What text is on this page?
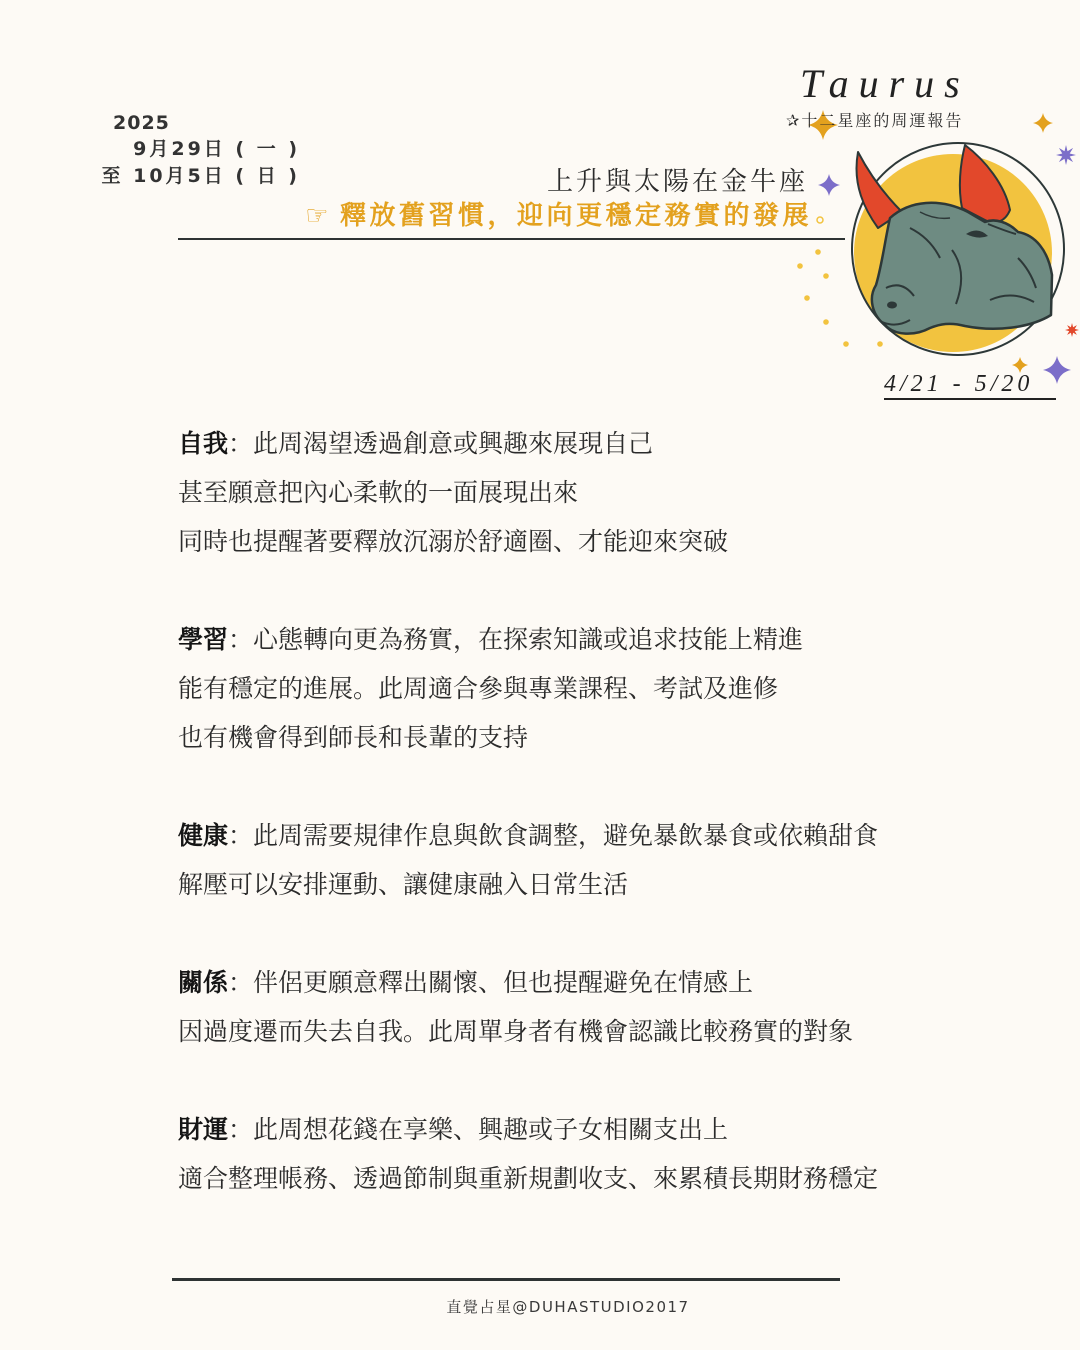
2025
9月29日 ( 一 )
至 10月5日 ( 日 )
Taurus
✰十二星座的周運報告
上升與太陽在金牛座
☞ 釋放舊習慣，迎向更穩定務實的發展
4/21 - 5/20
自我：此周渴望透過創意或興趣來展現自己
甚至願意把內心柔軟的一面展現出來
同時也提醒著要釋放沉溺於舒適圈、才能迎來突破
學習：心態轉向更為務實，在探索知識或追求技能上精進
能有穩定的進展。此周適合參與專業課程、考試及進修
也有機會得到師長和長輩的支持
健康：此周需要規律作息與飲食調整，避免暴飲暴食或依賴甜食
解壓可以安排運動、讓健康融入日常生活
關係：伴侶更願意釋出關懷、但也提醒避免在情感上
因過度遷而失去自我。此周單身者有機會認識比較務實的對象
財運：此周想花錢在享樂、興趣或子女相關支出上
適合整理帳務、透過節制與重新規劃收支、來累積長期財務穩定
直覺占星@DUHASTUDIO2017
